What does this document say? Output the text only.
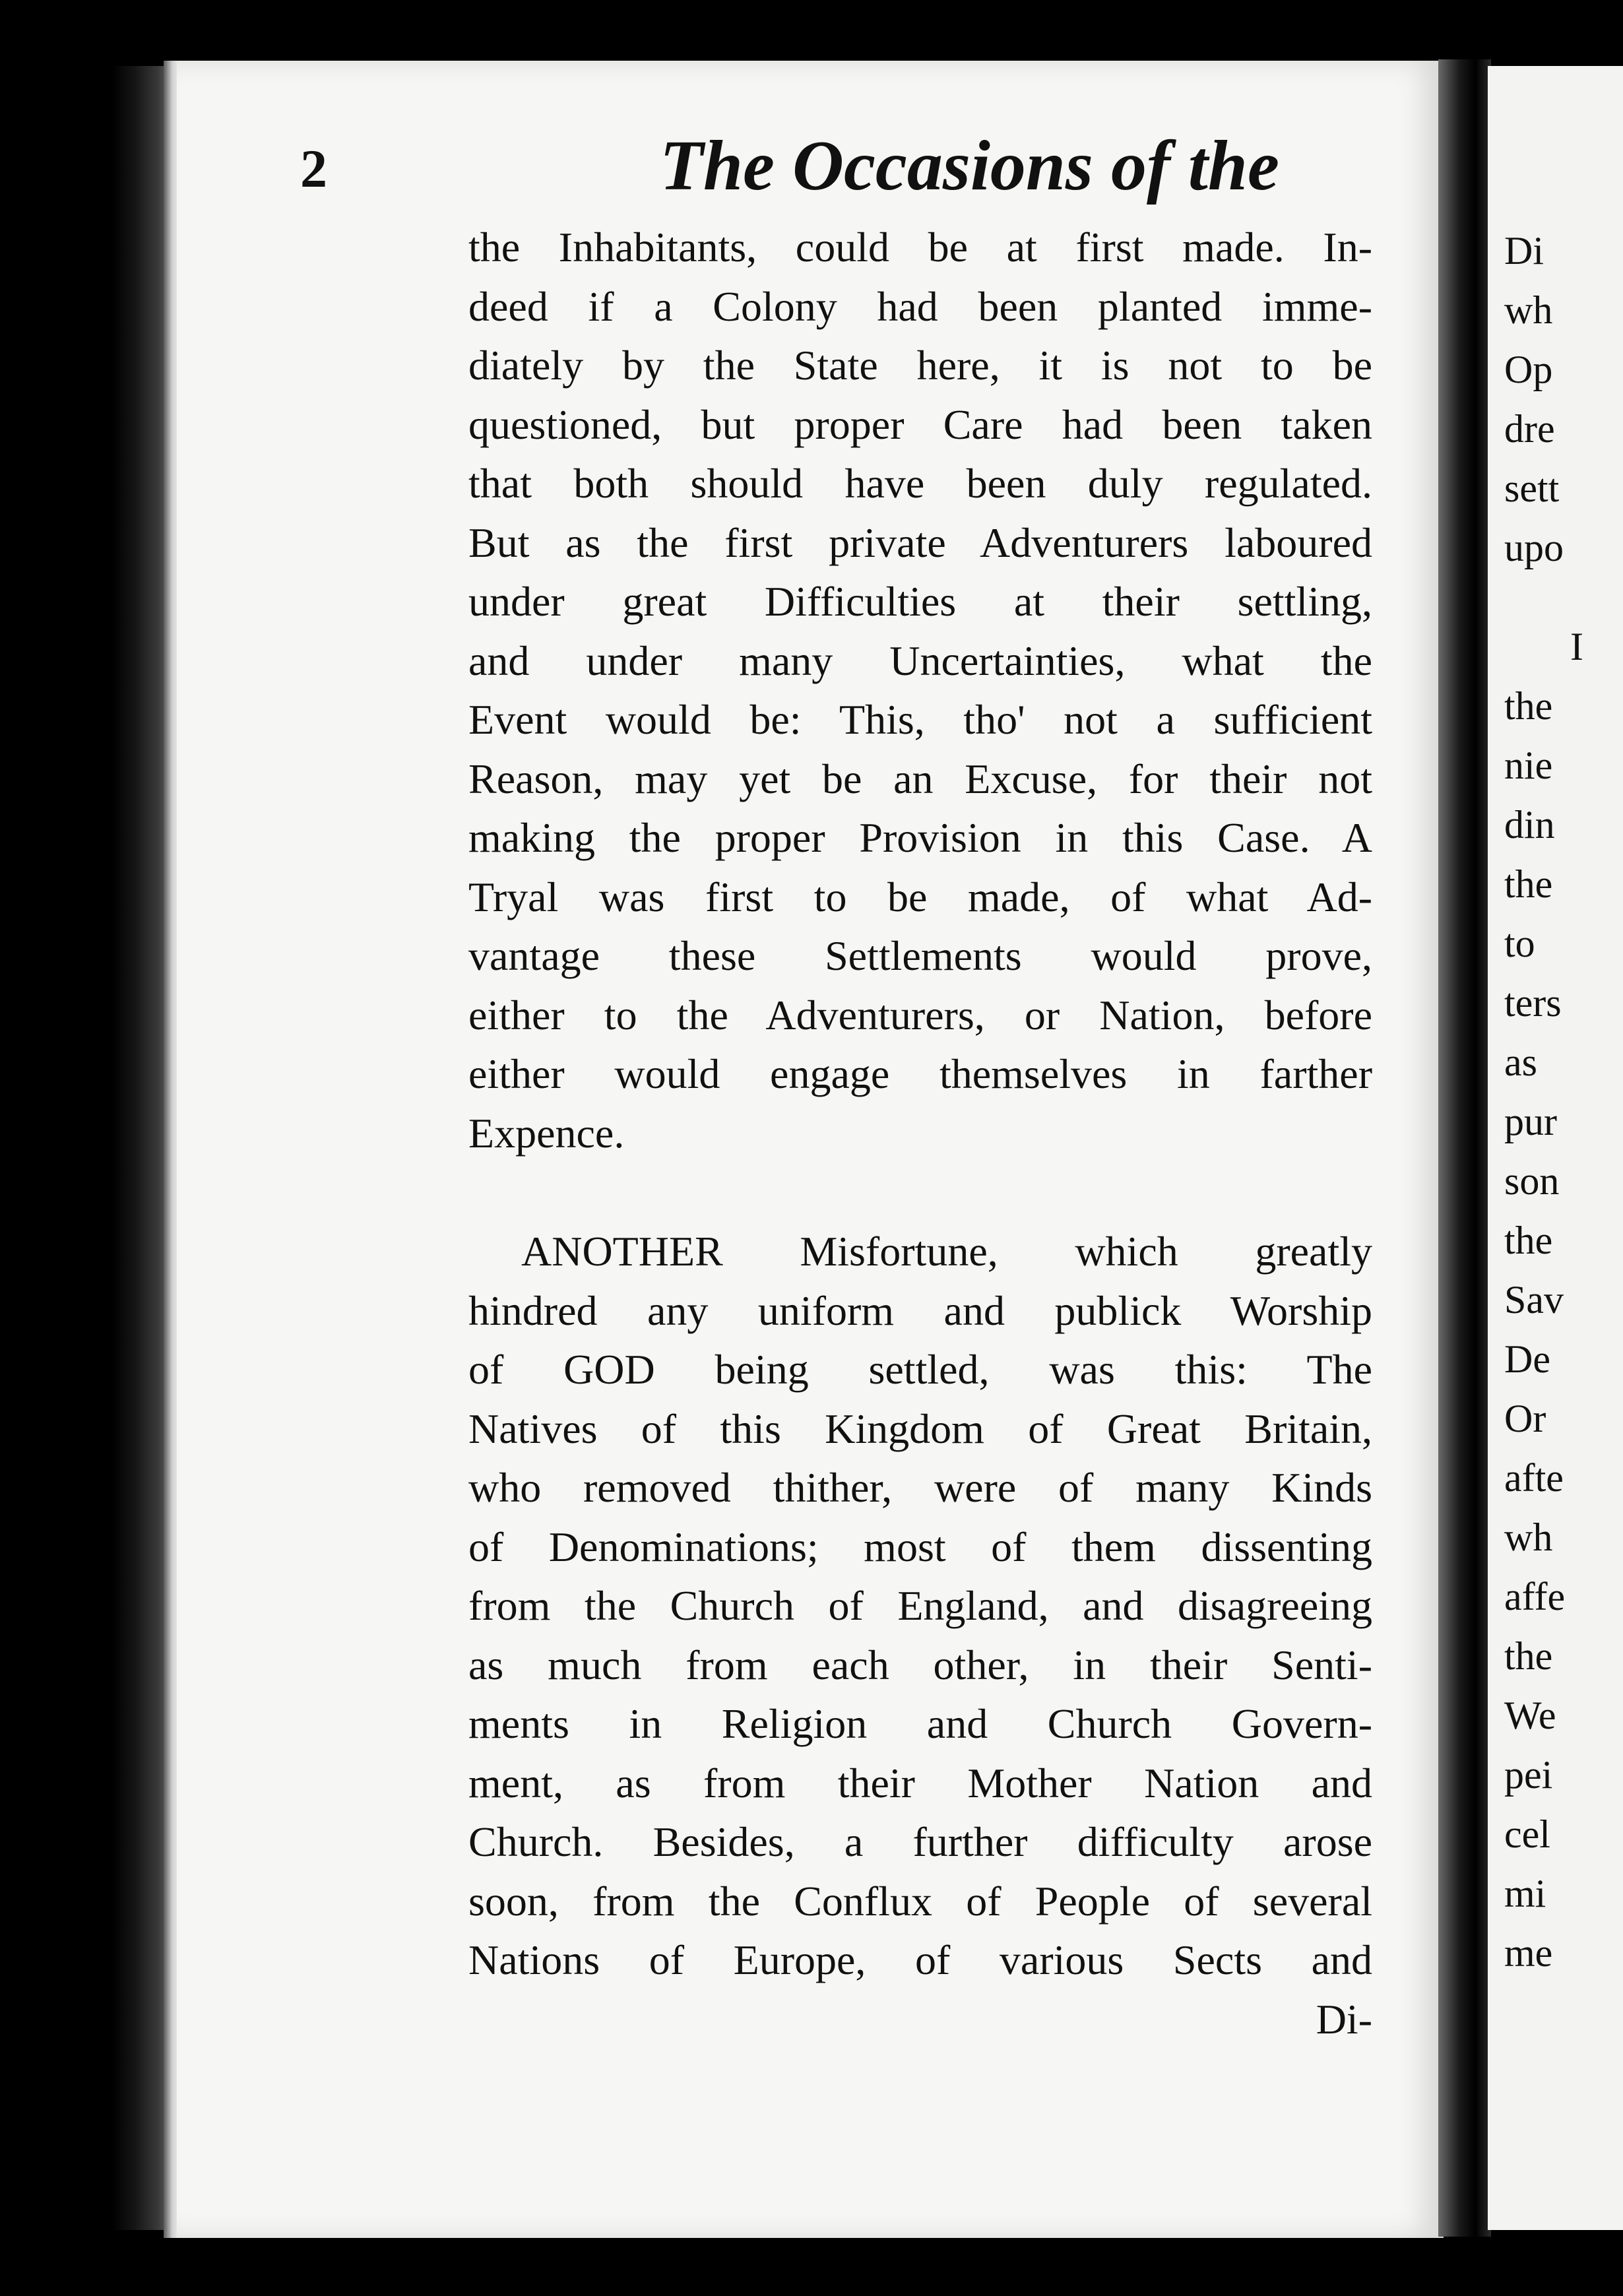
2	The Occasions of the
the Inhabitants, could be at first made. In-
deed if a Colony had been planted imme-
diately by the State here, it is not to be
questioned, but proper Care had been taken
that both should have been duly regulated.
But as the first private Adventurers laboured
under great Difficulties at their settling,
and under many Uncertainties, what the
Event would be: This, tho' not a sufficient
Reason, may yet be an Excuse, for their not
making the proper Provision in this Case. A
Tryal was first to be made, of what Ad-
vantage these Settlements would prove,
either to the Adventurers, or Nation, before
either would engage themselves in farther
Expence.
ANOTHER Misfortune, which greatly
hindred any uniform and publick Worship
of GOD being settled, was this: The
Natives of this Kingdom of Great Britain,
who removed thither, were of many Kinds
of Denominations; most of them dissenting
from the Church of England, and disagreeing
as much from each other, in their Senti-
ments in Religion and Church Govern-
ment, as from their Mother Nation and
Church. Besides, a further difficulty arose
soon, from the Conflux of People of several
Nations of Europe, of various Sects and
Di-
Di
wh
Op
dre
sett
upo
I
the
nie
din
the
to
ters
as
pur
son
the
Sav
De
Or
afte
wh
affe
the
We
pei
cel
mi
me
